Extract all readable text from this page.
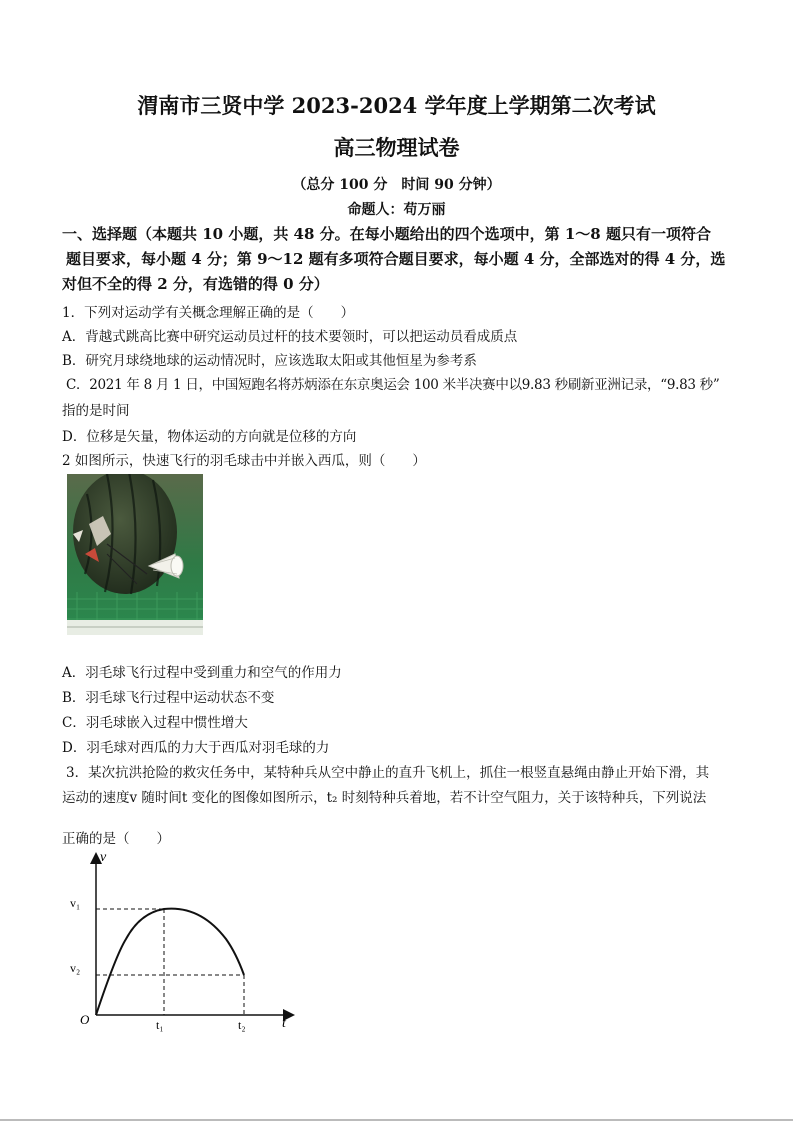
渭南市三贤中学 2023-2024 学年度上学期第二次考试
高三物理试卷
（总分 100 分　时间 90 分钟）
命题人：苟万丽
一、选择题（本题共 10 小题，共 48 分。在每小题给出的四个选项中，第 1～8 题只有一项符合
题目要求，每小题 4 分；第 9～12 题有多项符合题目要求，每小题 4 分，全部选对的得 4 分，选
对但不全的得 2 分，有选错的得 0 分）
1．下列对运动学有关概念理解正确的是（　　）
A．背越式跳高比赛中研究运动员过杆的技术要领时，可以把运动员看成质点
B．研究月球绕地球的运动情况时，应该选取太阳或其他恒星为参考系
C．2021 年 8 月 1 日，中国短跑名将苏炳添在东京奥运会 100 米半决赛中以9.83 秒刷新亚洲记录，“9.83 秒”
指的是时间
D．位移是矢量，物体运动的方向就是位移的方向
2 如图所示，快速飞行的羽毛球击中并嵌入西瓜，则（　　）
A．羽毛球飞行过程中受到重力和空气的作用力
B．羽毛球飞行过程中运动状态不变
C．羽毛球嵌入过程中惯性增大
D．羽毛球对西瓜的力大于西瓜对羽毛球的力
3．某次抗洪抢险的救灾任务中，某特种兵从空中静止的直升飞机上，抓住一根竖直悬绳由静止开始下滑，其
运动的速度v 随时间t 变化的图像如图所示，t₂ 时刻特种兵着地，若不计空气阻力，关于该特种兵，下列说法
正确的是（　　）
v
t
O
v₁
v₂
t₁	t₂
